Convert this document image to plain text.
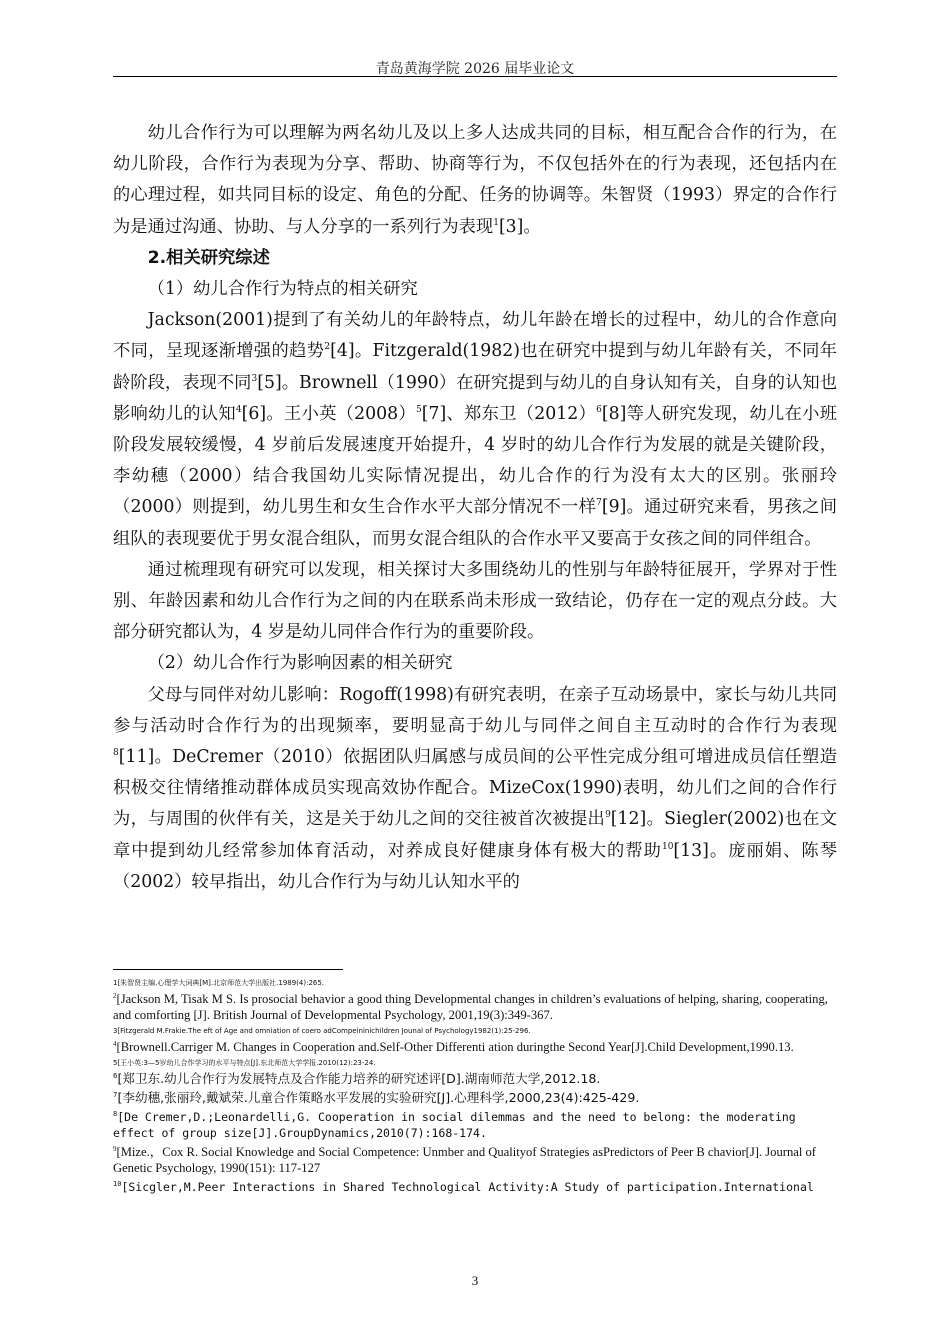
青岛黄海学院 2026 届毕业论文

幼儿合作行为可以理解为两名幼儿及以上多人达成共同的目标，相互配合合作的行为，在幼儿阶段，合作行为表现为分享、帮助、协商等行为，不仅包括外在的行为表现，还包括内在的心理过程，如共同目标的设定、角色的分配、任务的协调等。朱智贤（1993）界定的合作行为是通过沟通、协助、与人分享的一系列行为表现$^1$[3]。

2.相关研究综述

（1）幼儿合作行为特点的相关研究

Jackson(2001)提到了有关幼儿的年龄特点，幼儿年龄在增长的过程中，幼儿的合作意向不同，呈现逐渐增强的趋势$^2$[4]。Fitzgerald(1982)也在研究中提到与幼儿年龄有关，不同年龄阶段，表现不同$^3$[5]。Brownell（1990）在研究提到与幼儿的自身认知有关，自身的认知也影响幼儿的认知$^4$[6]。王小英$(2008)^5[7]$、郑东卫$(2012)^6[8]$等人研究发现，幼儿在小班阶段发展较缓慢，4 岁前后发展速度开始提升，4 岁时的幼儿合作行为发展的就是关键阶段，李幼穗（2000）结合我国幼儿实际情况提出，幼儿合作的行为没有太大的区别。张丽玲（2000）则提到，幼儿男生和女生合作水平大部分情况不一样$^7$[9]。通过研究来看，男孩之间组队的表现要优于男女混合组队，而男女混合组队的合作水平又要高于女孩之间的同伴组合。

通过梳理现有研究可以发现，相关探讨大多围绕幼儿的性别与年龄特征展开，学界对于性别、年龄因素和幼儿合作行为之间的内在联系尚未形成一致结论，仍存在一定的观点分歧。大部分研究都认为，4 岁是幼儿同伴合作行为的重要阶段。

（2）幼儿合作行为影响因素的相关研究

父母与同伴对幼儿影响：Rogoff(1998)有研究表明，在亲子互动场景中，家长与幼儿共同参与活动时合作行为的出现频率，要明显高于幼儿与同伴之间自主互动时的合作行为表现$^8$[11]。DeCremer（2010）依据团队归属感与成员间的公平性完成分组可增进成员信任塑造积极交往情绪推动群体成员实现高效协作配合。MizeCox(1990)表明，幼儿们之间的合作行为，与周围的伙伴有关，这是关于幼儿之间的交往被首次被提出$^9$[12]。Siegler(2002)也在文章中提到幼儿经常参加体育活动，对养成良好健康身体有极大的帮助$^{10}$[13]。庞丽娟、陈琴（2002）较早指出，幼儿合作行为与幼儿认知水平的

1[朱智贤主编.心理学大词典[M].北京师范大学出版社.1989(4):265.

$^2$[Jackson M, Tisak M S. Is prosocial behavior a good thing Developmental changes in children’s evaluations of helping, sharing, cooperating, and comforting [J]. British Journal of Developmental Psychology, 2001,19(3):349-367.

3[Fitzgerald M.Frakie.The eft of Age and omniation of coero adCompeininichildren Jounal of Psychology1982(1):25-296.

$^4$[Brownell.Carriger M. Changes in Cooperation and.Self-Other Differenti ation duringthe Second Year[J].Child Development,1990.13.

5[王小英:3—5岁幼儿合作学习的水平与特点[J].东北师范大学学报.2010(12):23-24.

$^6$[郑卫东.幼儿合作行为发展特点及合作能力培养的研究述评[D].湖南师范大学,2012.18.

$^7$[李幼穗,张丽玲,戴斌荣.儿童合作策略水平发展的实验研究[J].心理科学,2000,23(4):425-429.

$^8$[De Cremer,D.;Leonardelli,G. Cooperation in social dilemmas and the need to belong: the moderating effect of group size[J].GroupDynamics,2010(7):168-174.

$^9$[Mize.，Cox R. Social Knowledge and Social Competence: Unmber and Qualityof Strategies asPredictors of Peer B chavior[J]. Journal of Genetic Psychology, 1990(151): 117-127

$^{10}$[Sicgler,M.Peer Interactions in Shared Technological Activity:A Study of participation.International

3
